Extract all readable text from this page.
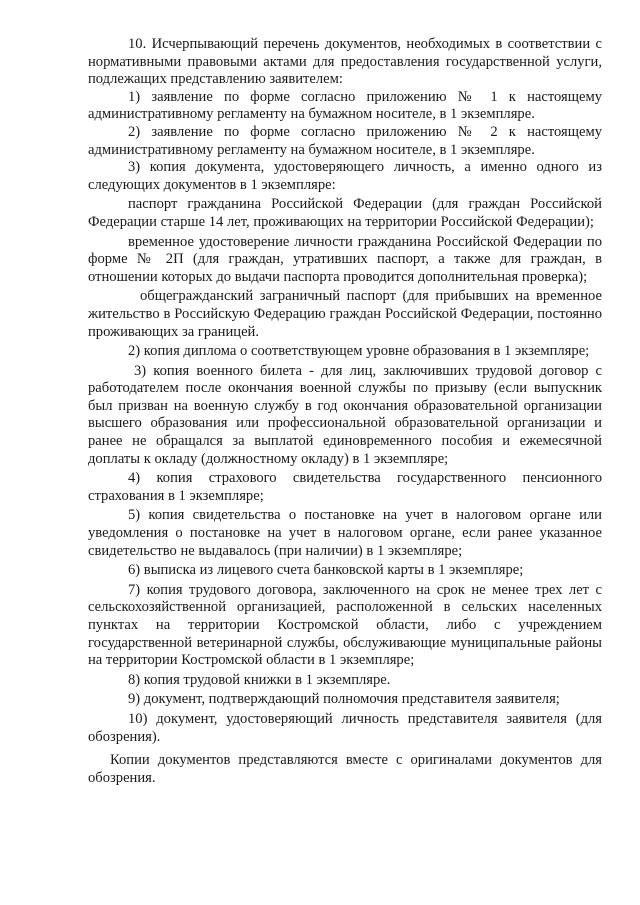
10. Исчерпывающий перечень документов, необходимых в соответствии с нормативными правовыми актами для предоставления государственной услуги, подлежащих представлению заявителем:

1) заявление по форме согласно приложению № 1 к настоящему административному регламенту на бумажном носителе, в 1 экземпляре.

2) заявление по форме согласно приложению № 2 к настоящему административному регламенту на бумажном носителе, в 1 экземпляре.

3) копия документа, удостоверяющего личность, а именно одного из следующих документов в 1 экземпляре:

паспорт гражданина Российской Федерации (для граждан Российской Федерации старше 14 лет, проживающих на территории Российской Федерации);

временное удостоверение личности гражданина Российской Федерации по форме № 2П (для граждан, утративших паспорт, а также для граждан, в отношении которых до выдачи паспорта проводится дополнительная проверка);

общегражданский заграничный паспорт (для прибывших на временное жительство в Российскую Федерацию граждан Российской Федерации, постоянно проживающих за границей.

2) копия диплома о соответствующем уровне образования в 1 экземпляре;

3) копия военного билета - для лиц, заключивших трудовой договор с работодателем после окончания военной службы по призыву (если выпускник был призван на военную службу в год окончания образовательной организации высшего образования или профессиональной образовательной организации и ранее не обращался за выплатой единовременного пособия и ежемесячной доплаты к окладу (должностному окладу) в 1 экземпляре;

4) копия страхового свидетельства государственного пенсионного страхования в 1 экземпляре;

5) копия свидетельства о постановке на учет в налоговом органе или уведомления о постановке на учет в налоговом органе, если ранее указанное свидетельство не выдавалось (при наличии) в 1 экземпляре;

6) выписка из лицевого счета банковской карты в 1 экземпляре;

7) копия трудового договора, заключенного на срок не менее трех лет с сельскохозяйственной организацией, расположенной в сельских населенных пунктах на территории Костромской области, либо с учреждением государственной ветеринарной службы, обслуживающие муниципальные районы на территории Костромской области в 1 экземпляре;

8) копия трудовой книжки в 1 экземпляре.

9) документ, подтверждающий полномочия представителя заявителя;

10) документ, удостоверяющий личность представителя заявителя (для обозрения).

Копии документов представляются вместе с оригиналами документов для обозрения.
